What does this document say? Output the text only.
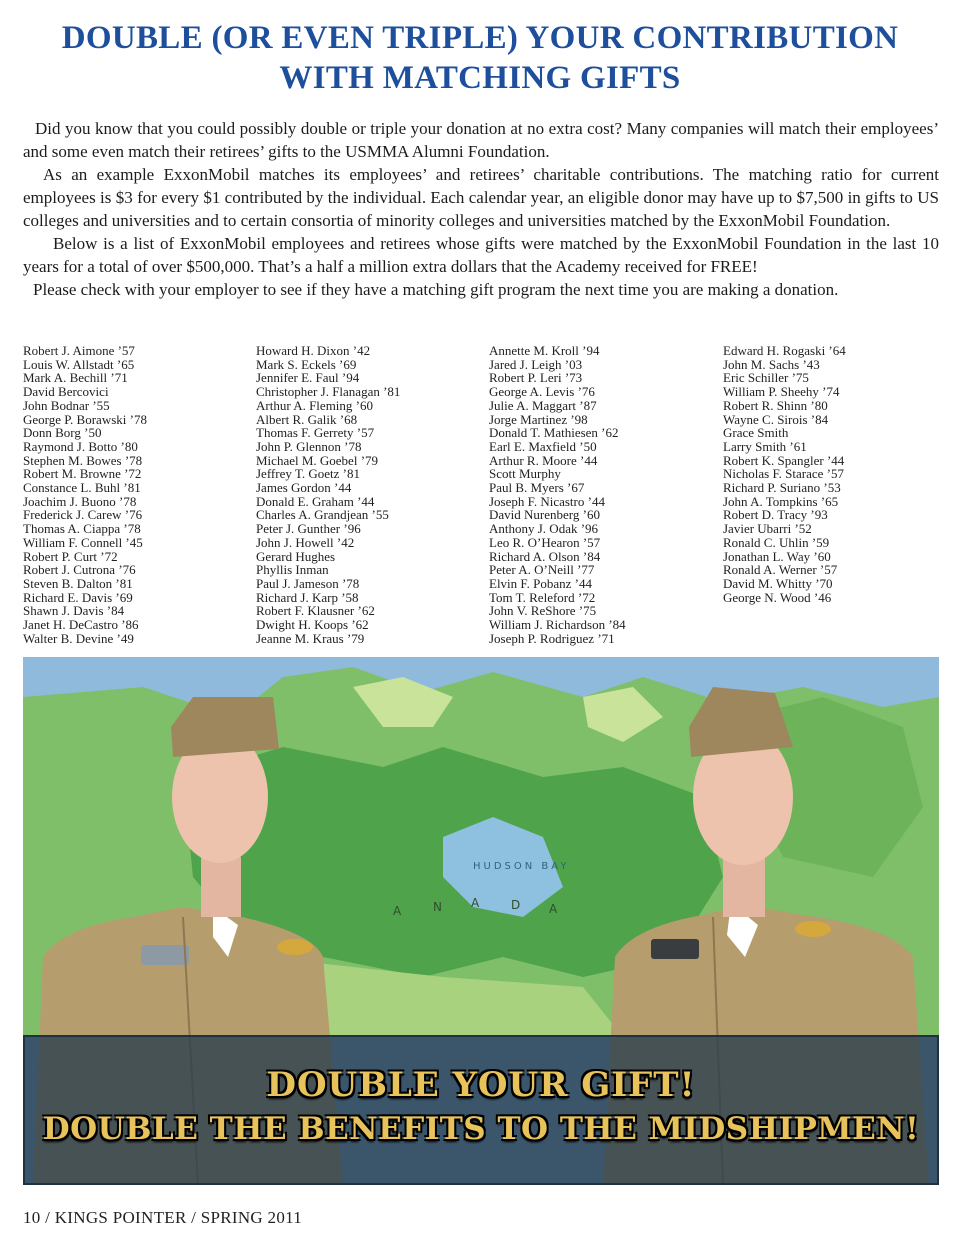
DOUBLE (OR EVEN TRIPLE) YOUR CONTRIBUTION
WITH MATCHING GIFTS

Did you know that you could possibly double or triple your donation at no extra cost? Many companies will match their employees’ and some even match their retirees’ gifts to the USMMA Alumni Foundation.

As an example ExxonMobil matches its employees’ and retirees’ charitable contributions. The matching ratio for current employees is $3 for every $1 contributed by the individual. Each calendar year, an eligible donor may have up to $7,500 in gifts to US colleges and universities and to certain consortia of minority colleges and universities matched by the ExxonMobil Foundation.

Below is a list of ExxonMobil employees and retirees whose gifts were matched by the ExxonMobil Foundation in the last 10 years for a total of over $500,000. That’s a half a million extra dollars that the Academy received for FREE!

Please check with your employer to see if they have a matching gift program the next time you are making a donation.

Robert J. Aimone ’57
Louis W. Allstadt ’65
Mark A. Bechill ’71
David Bercovici
John Bodnar ’55
George P. Borawski ’78
Donn Borg ’50
Raymond J. Botto ’80
Stephen M. Bowes ’78
Robert M. Browne ’72
Constance L. Buhl ’81
Joachim J. Buono ’78
Frederick J. Carew ’76
Thomas A. Ciappa ’78
William F. Connell ’45
Robert P. Curt ’72
Robert J. Cutrona ’76
Steven B. Dalton ’81
Richard E. Davis ’69
Shawn J. Davis ’84
Janet H. DeCastro ’86
Walter B. Devine ’49
Howard H. Dixon ’42
Mark S. Eckels ’69
Jennifer E. Faul ’94
Christopher J. Flanagan ’81
Arthur A. Fleming ’60
Albert R. Galik ’68
Thomas F. Gerrety ’57
John P. Glennon ’78
Michael M. Goebel ’79
Jeffrey T. Goetz ’81
James Gordon ’44
Donald E. Graham ’44
Charles A. Grandjean ’55
Peter J. Gunther ’96
John J. Howell ’42
Gerard Hughes
Phyllis Inman
Paul J. Jameson ’78
Richard J. Karp ’58
Robert F. Klausner ’62
Dwight H. Koops ’62
Jeanne M. Kraus ’79
Annette M. Kroll ’94
Jared J. Leigh ’03
Robert P. Leri ’73
George A. Levis ’76
Julie A. Maggart ’87
Jorge Martinez ’98
Donald T. Mathiesen ’62
Earl E. Maxfield ’50
Arthur R. Moore ’44
Scott Murphy
Paul B. Myers ’67
Joseph F. Nicastro ’44
David Nurenberg ’60
Anthony J. Odak ’96
Leo R. O’Hearon ’57
Richard A. Olson ’84
Peter A. O’Neill ’77
Elvin F. Pobanz ’44
Tom T. Releford ’72
John V. ReShore ’75
William J. Richardson ’84
Joseph P. Rodriguez ’71
Edward H. Rogaski ’64
John M. Sachs ’43
Eric Schiller ’75
William P. Sheehy ’74
Robert R. Shinn ’80
Wayne C. Sirois ’84
Grace Smith
Larry Smith ’61
Robert K. Spangler ’44
Nicholas F. Starace ’57
Richard P. Suriano ’53
John A. Tompkins ’65
Robert D. Tracy ’93
Javier Ubarri ’52
Ronald C. Uhlin ’59
Jonathan L. Way ’60
Ronald A. Werner ’57
David M. Whitty ’70
George N. Wood ’46
HUDSON BAY
A	N A	D A
DOUBLE YOUR GIFT!
DOUBLE THE BENEFITS TO THE MIDSHIPMEN!
10 / KINGS POINTER / SPRING 2011
